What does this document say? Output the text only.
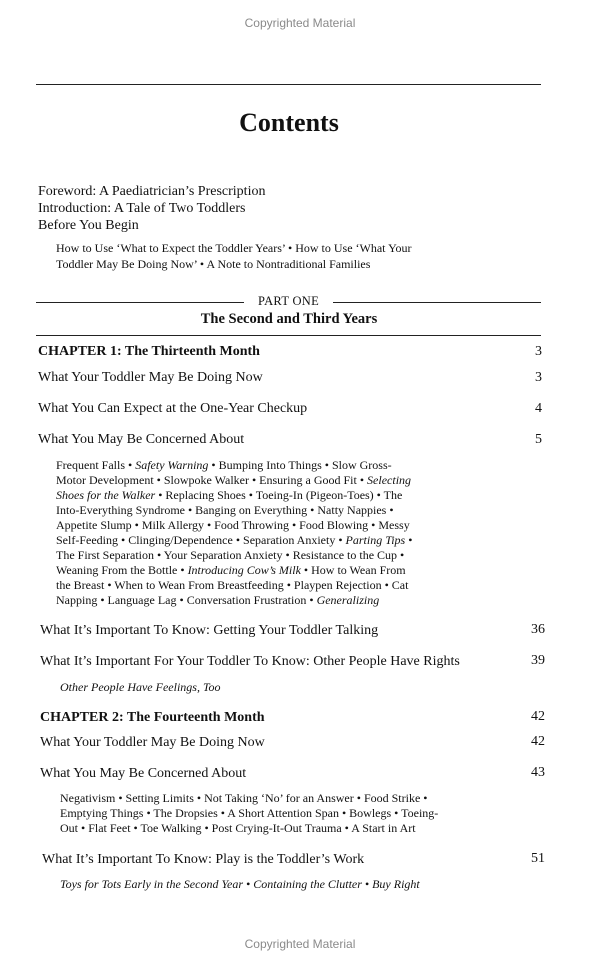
Copyrighted Material
Contents
Foreword: A Paediatrician’s Prescription
Introduction: A Tale of Two Toddlers
Before You Begin
How to Use ‘What to Expect the Toddler Years’ • How to Use ‘What Your
Toddler May Be Doing Now’ • A Note to Nontraditional Families
PART ONE
The Second and Third Years
CHAPTER 1: The Thirteenth Month	3
What Your Toddler May Be Doing Now	3
What You Can Expect at the One-Year Checkup	4
What You May Be Concerned About	5
Frequent Falls • Safety Warning • Bumping Into Things • Slow Gross-
Motor Development • Slowpoke Walker • Ensuring a Good Fit • Selecting
Shoes for the Walker • Replacing Shoes • Toeing-In (Pigeon-Toes) • The
Into-Everything Syndrome • Banging on Everything • Natty Nappies •
Appetite Slump • Milk Allergy • Food Throwing • Food Blowing • Messy
Self-Feeding • Clinging/Dependence • Separation Anxiety • Parting Tips •
The First Separation • Your Separation Anxiety • Resistance to the Cup •
Weaning From the Bottle • Introducing Cow’s Milk • How to Wean From
the Breast • When to Wean From Breastfeeding • Playpen Rejection • Cat
Napping • Language Lag • Conversation Frustration • Generalizing
What It’s Important To Know: Getting Your Toddler Talking	36
What It’s Important For Your Toddler To Know: Other People Have Rights	39
Other People Have Feelings, Too
CHAPTER 2: The Fourteenth Month	42
What Your Toddler May Be Doing Now	42
What You May Be Concerned About	43
Negativism • Setting Limits • Not Taking ‘No’ for an Answer • Food Strike •
Emptying Things • The Dropsies • A Short Attention Span • Bowlegs • Toeing-
Out • Flat Feet • Toe Walking • Post Crying-It-Out Trauma • A Start in Art
What It’s Important To Know: Play is the Toddler’s Work	51
Toys for Tots Early in the Second Year • Containing the Clutter • Buy Right
Copyrighted Material
